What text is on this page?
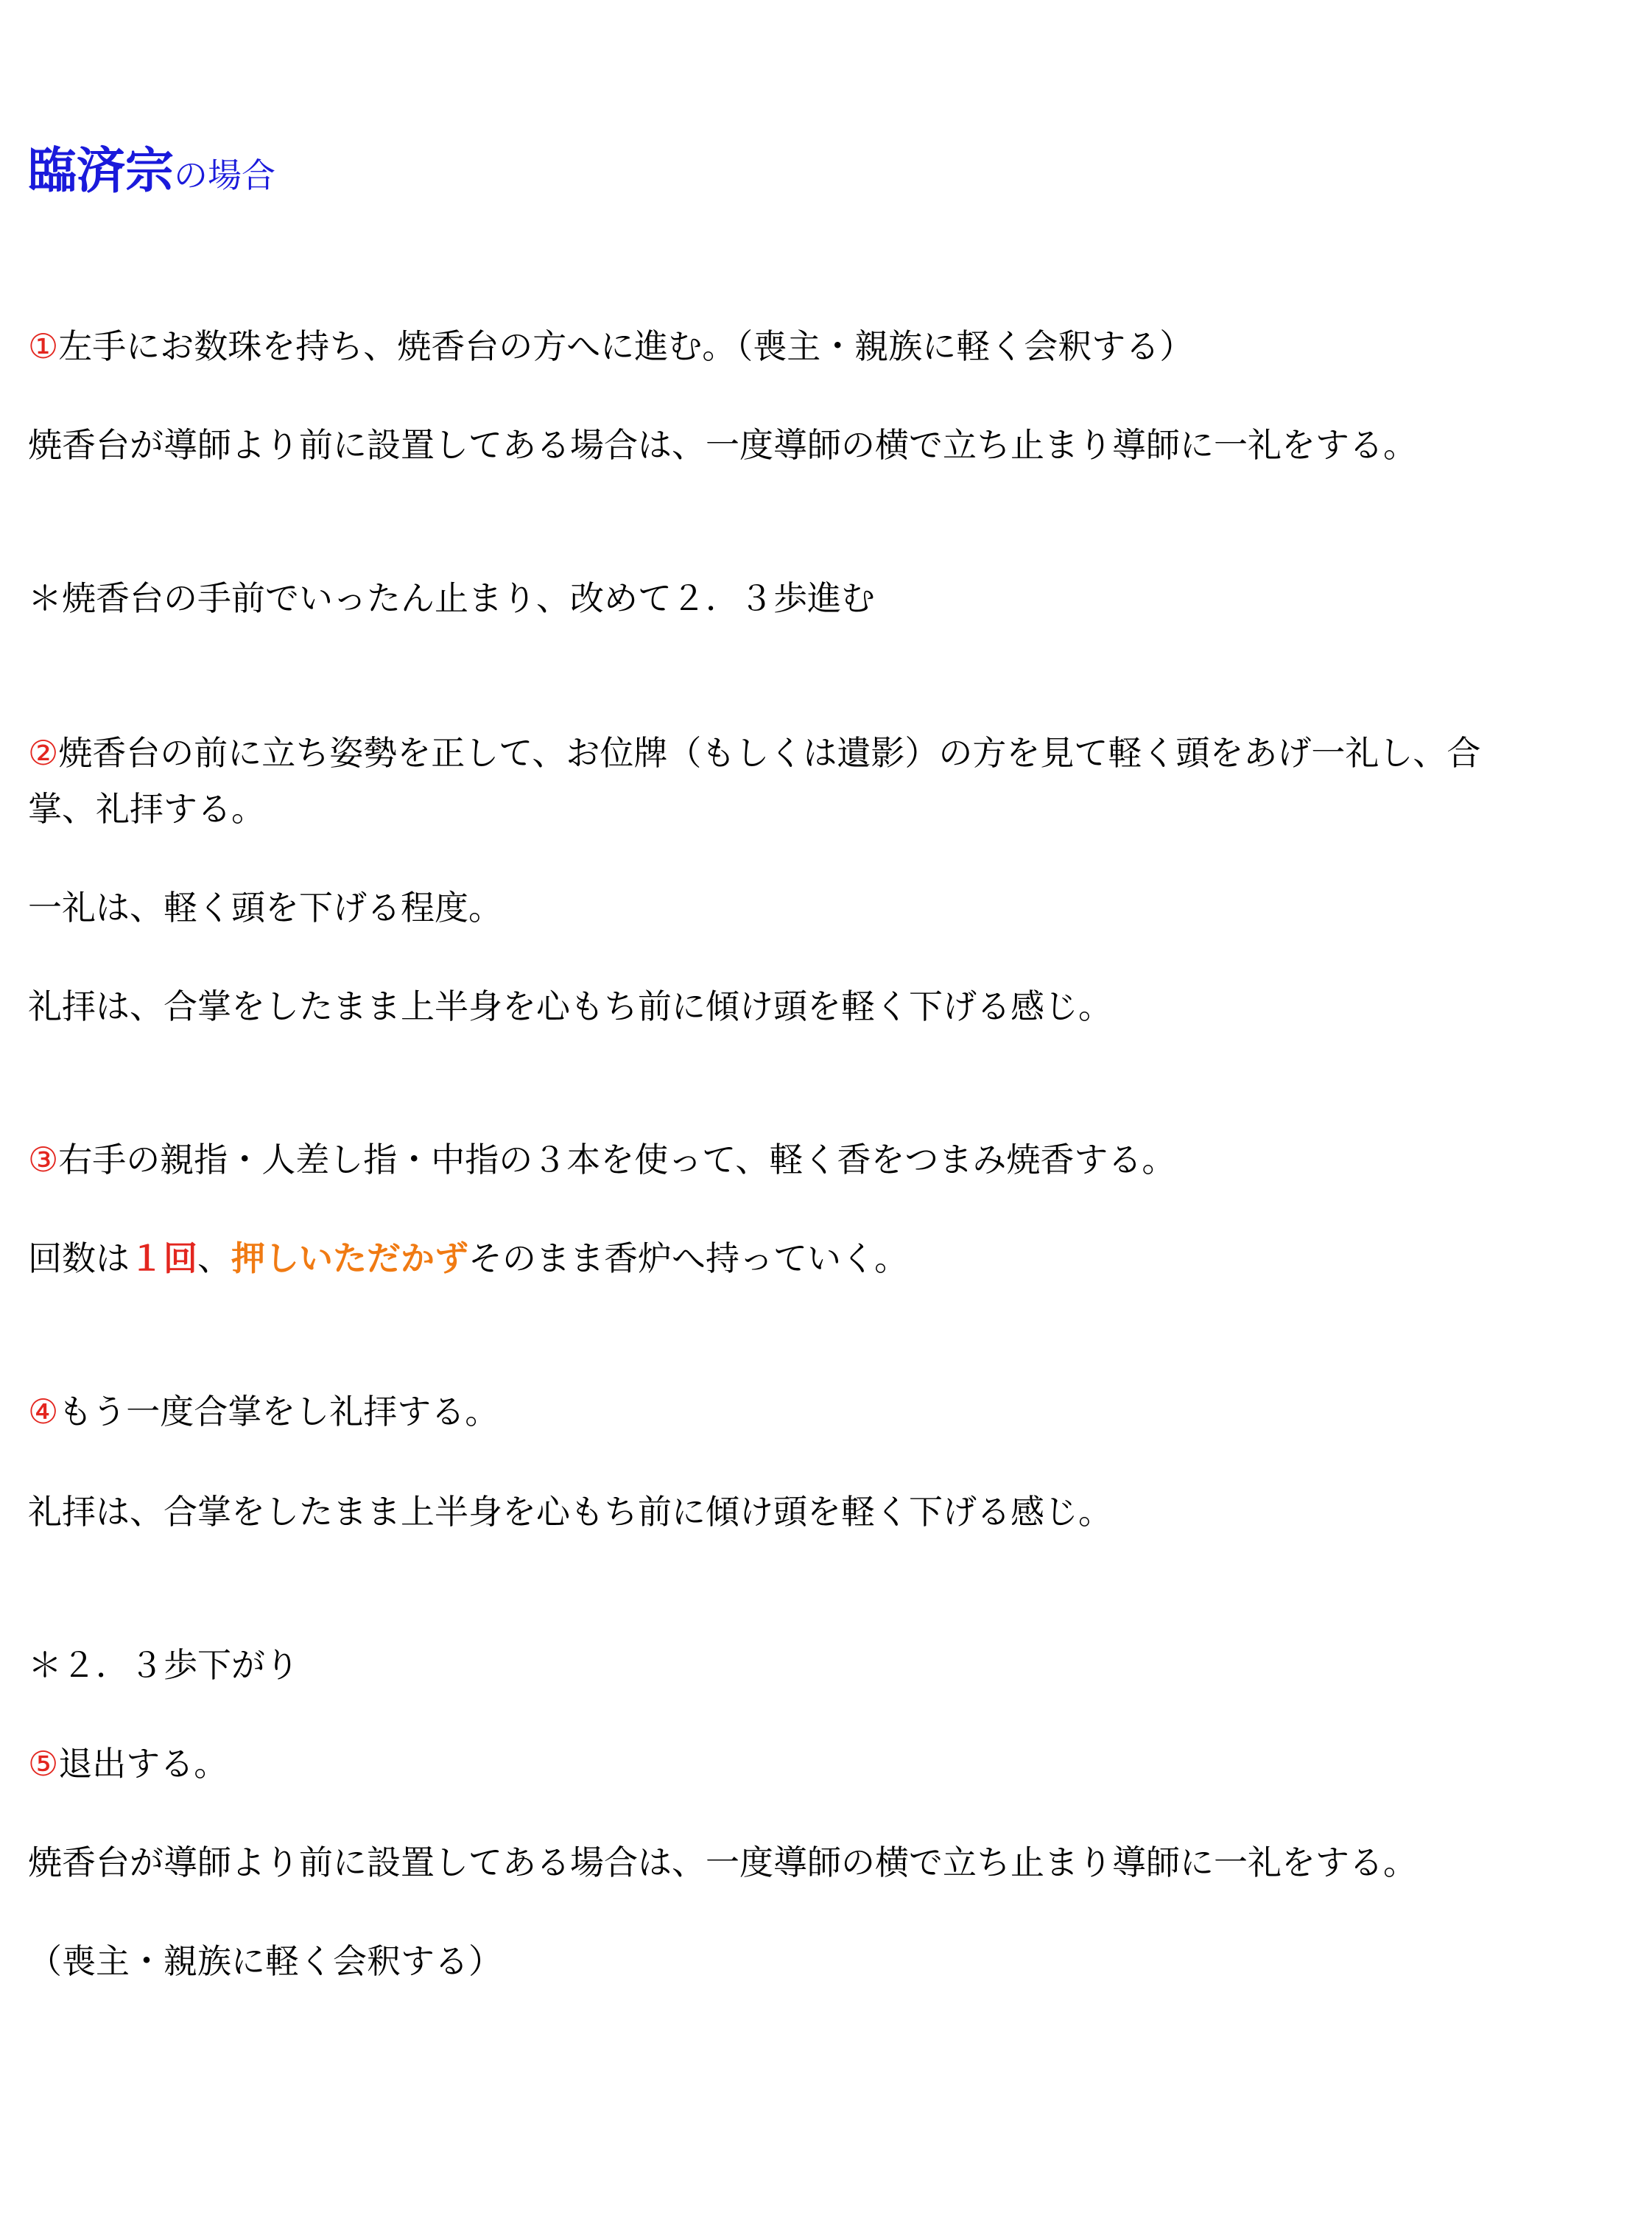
臨済宗の場合
①左手にお数珠を持ち、焼香台の方へに進む。（喪主・親族に軽く会釈する）
焼香台が導師より前に設置してある場合は、一度導師の横で立ち止まり導師に一礼をする。
＊焼香台の手前でいったん止まり、改めて２．３歩進む
②焼香台の前に立ち姿勢を正して、お位牌（もしくは遺影）の方を見て軽く頭をあげ一礼し、合
掌、礼拝する。
一礼は、軽く頭を下げる程度。
礼拝は、合掌をしたまま上半身を心もち前に傾け頭を軽く下げる感じ。
③右手の親指・人差し指・中指の３本を使って、軽く香をつまみ焼香する。
回数は１回、押しいただかずそのまま香炉へ持っていく。
④もう一度合掌をし礼拝する。
礼拝は、合掌をしたまま上半身を心もち前に傾け頭を軽く下げる感じ。
＊２．３歩下がり
⑤退出する。
焼香台が導師より前に設置してある場合は、一度導師の横で立ち止まり導師に一礼をする。
（喪主・親族に軽く会釈する）
